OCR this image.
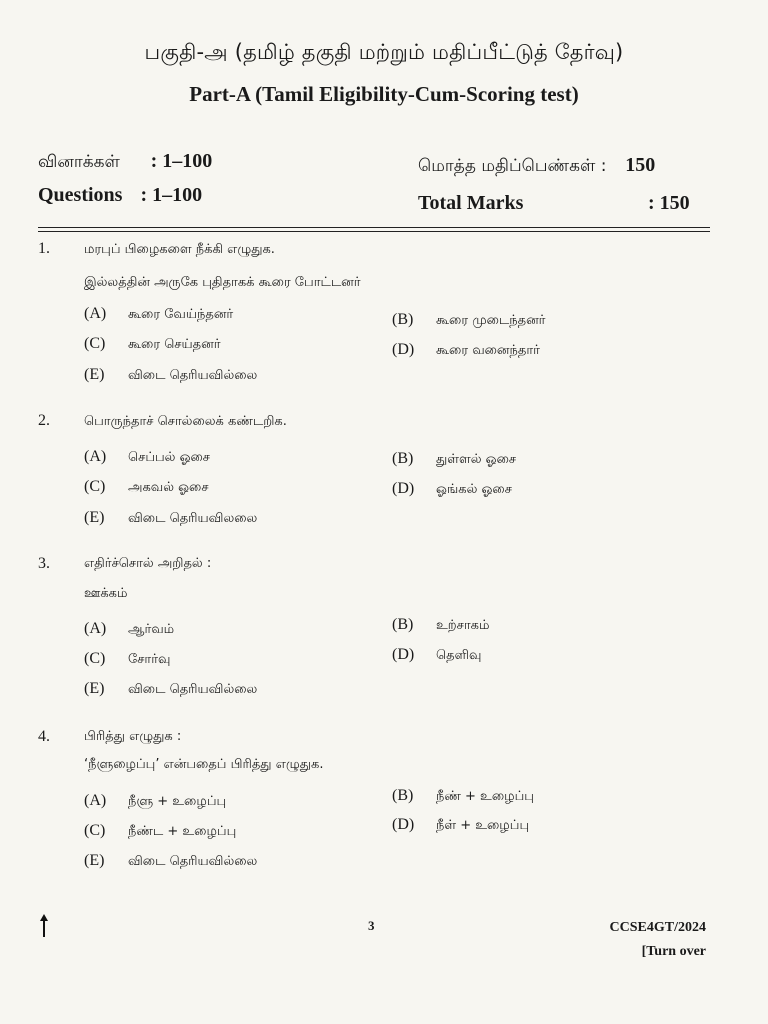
பகுதி-அ (தமிழ் தகுதி மற்றும் மதிப்பீட்டுத் தேர்வு)
Part-A (Tamil Eligibility-Cum-Scoring test)
வினாக்கள் : 1–100
Questions : 1–100
மொத்த மதிப்பெண்கள் : 150
Total Marks	: 150
1.	மரபுப் பிழைகளை நீக்கி எழுதுக.
இல்லத்தின் அருகே புதிதாகக் கூரை போட்டனர்
(A) கூரை வேய்ந்தனர்	(B) கூரை முடைந்தனர்
(C) கூரை செய்தனர்	(D) கூரை வனைந்தார்
(E) விடை தெரியவில்லை
2.	பொருந்தாச் சொல்லைக் கண்டறிக.
(A) செப்பல் ஓசை	(B) துள்ளல் ஓசை
(C) அகவல் ஓசை	(D) ஓங்கல் ஓசை
(E) விடை தெரியவிலலை
3.	எதிர்ச்சொல் அறிதல் :
ஊக்கம்
(A) ஆர்வம்	(B) உற்சாகம்
(C) சோர்வு	(D) தெளிவு
(E) விடை தெரியவில்லை
4.	பிரித்து எழுதுக :
‘நீளுழைப்பு’ என்பதைப் பிரித்து எழுதுக.
(A) நீளு + உழைப்பு	(B) நீண் + உழைப்பு
(C) நீண்ட + உழைப்பு	(D) நீள் + உழைப்பு
(E) விடை தெரியவில்லை
3	CCSE4GT/2024
[Turn over
